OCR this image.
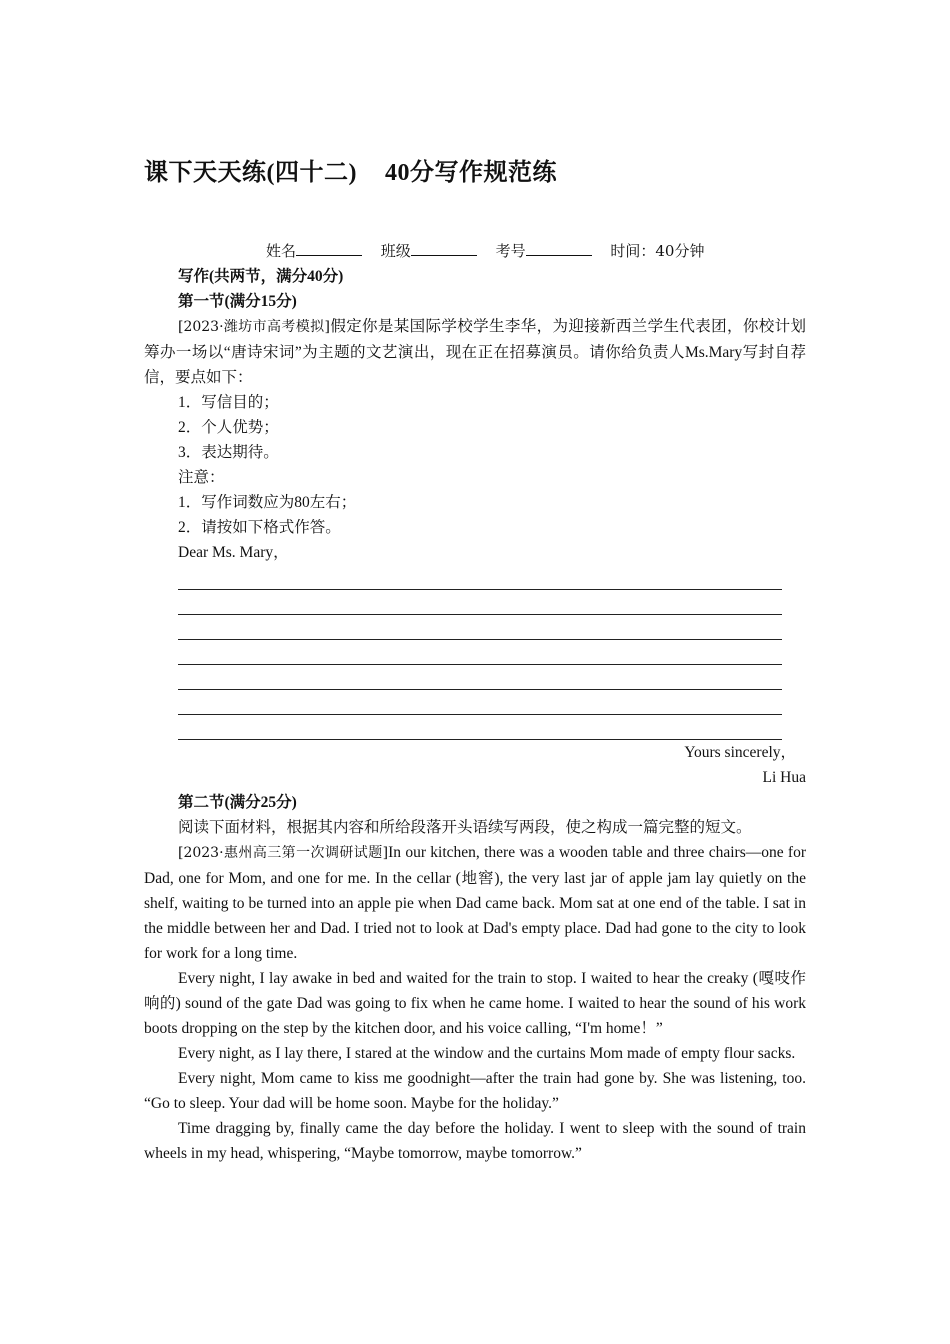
课下天天练(四十二) 40分写作规范练
姓名	班级	考号	时间：40分钟

写作(共两节，满分40分)

第一节(满分15分)

[2023·潍坊市高考模拟]假定你是某国际学校学生李华，为迎接新西兰学生代表团，你校计划筹办一场以“唐诗宋词”为主题的文艺演出，现在正在招募演员。请你给负责人Ms.Mary写封自荐信，要点如下：

1．写信目的；

2．个人优势；

3．表达期待。

注意：

1．写作词数应为80左右；

2．请按如下格式作答。

Dear Ms. Mary，

Yours sincerely，

Li Hua

第二节(满分25分)

阅读下面材料，根据其内容和所给段落开头语续写两段，使之构成一篇完整的短文。

[2023·惠州高三第一次调研试题]In our kitchen, there was a wooden table and three chairs—one for Dad, one for Mom, and one for me. In the cellar (地窖), the very last jar of apple jam lay quietly on the shelf, waiting to be turned into an apple pie when Dad came back. Mom sat at one end of the table. I sat in the middle between her and Dad. I tried not to look at Dad's empty place. Dad had gone to the city to look for work for a long time.

Every night, I lay awake in bed and waited for the train to stop. I waited to hear the creaky (嘎吱作响的) sound of the gate Dad was going to fix when he came home. I waited to hear the sound of his work boots dropping on the step by the kitchen door, and his voice calling, “I'm home！”

Every night, as I lay there, I stared at the window and the curtains Mom made of empty flour sacks.

Every night, Mom came to kiss me goodnight—after the train had gone by. She was listening, too. “Go to sleep. Your dad will be home soon. Maybe for the holiday.”

Time dragging by, finally came the day before the holiday. I went to sleep with the sound of train wheels in my head, whispering, “Maybe tomorrow, maybe tomorrow.”
